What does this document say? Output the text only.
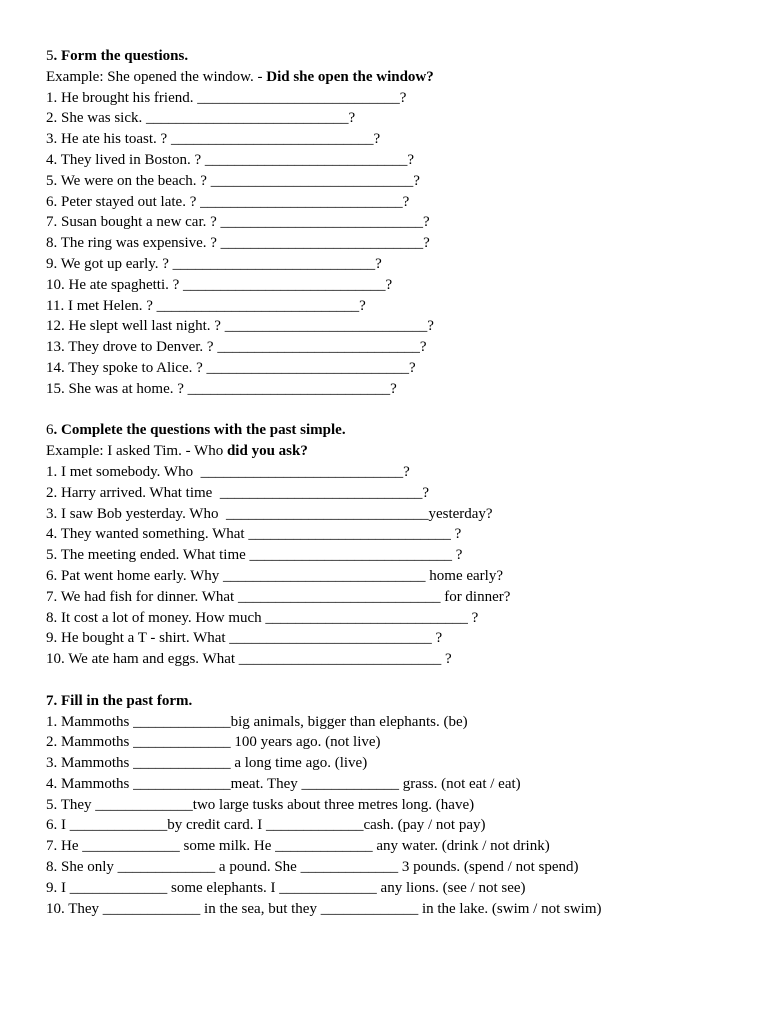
5. Form the questions.
Example: She opened the window. - Did she open the window?
1. He brought his friend. ___________________________?
2. She was sick. ___________________________?
3. He ate his toast. ? ___________________________?
4. They lived in Boston. ? ___________________________?
5. We were on the beach. ? ___________________________?
6. Peter stayed out late. ? ___________________________?
7. Susan bought a new car. ? ___________________________?
8. The ring was expensive. ? ___________________________?
9. We got up early. ? ___________________________?
10. He ate spaghetti. ? ___________________________?
11. I met Helen. ? ___________________________?
12. He slept well last night. ? ___________________________?
13. They drove to Denver. ? ___________________________?
14. They spoke to Alice. ? ___________________________?
15. She was at home. ? ___________________________?
6. Complete the questions with the past simple.
Example: I asked Tim. - Who did you ask?
1. I met somebody. Who  ___________________________?
2. Harry arrived. What time  ___________________________?
3. I saw Bob yesterday. Who  ___________________________yesterday?
4. They wanted something. What ___________________________ ?
5. The meeting ended. What time ___________________________ ?
6. Pat went home early. Why ___________________________ home early?
7. We had fish for dinner. What ___________________________ for dinner?
8. It cost a lot of money. How much ___________________________ ?
9. He bought a T - shirt. What ___________________________ ?
10. We ate ham and eggs. What ___________________________ ?
7. Fill in the past form.
1. Mammoths _____________big animals, bigger than elephants. (be)
2. Mammoths _____________ 100 years ago. (not live)
3. Mammoths _____________ a long time ago. (live)
4. Mammoths _____________meat. They _____________ grass. (not eat / eat)
5. They _____________two large tusks about three metres long. (have)
6. I _____________by credit card. I _____________cash. (pay / not pay)
7. He _____________ some milk. He _____________ any water. (drink / not drink)
8. She only _____________ a pound. She _____________ 3 pounds. (spend / not spend)
9. I _____________ some elephants. I _____________ any lions. (see / not see)
10. They _____________ in the sea, but they _____________ in the lake. (swim / not swim)
